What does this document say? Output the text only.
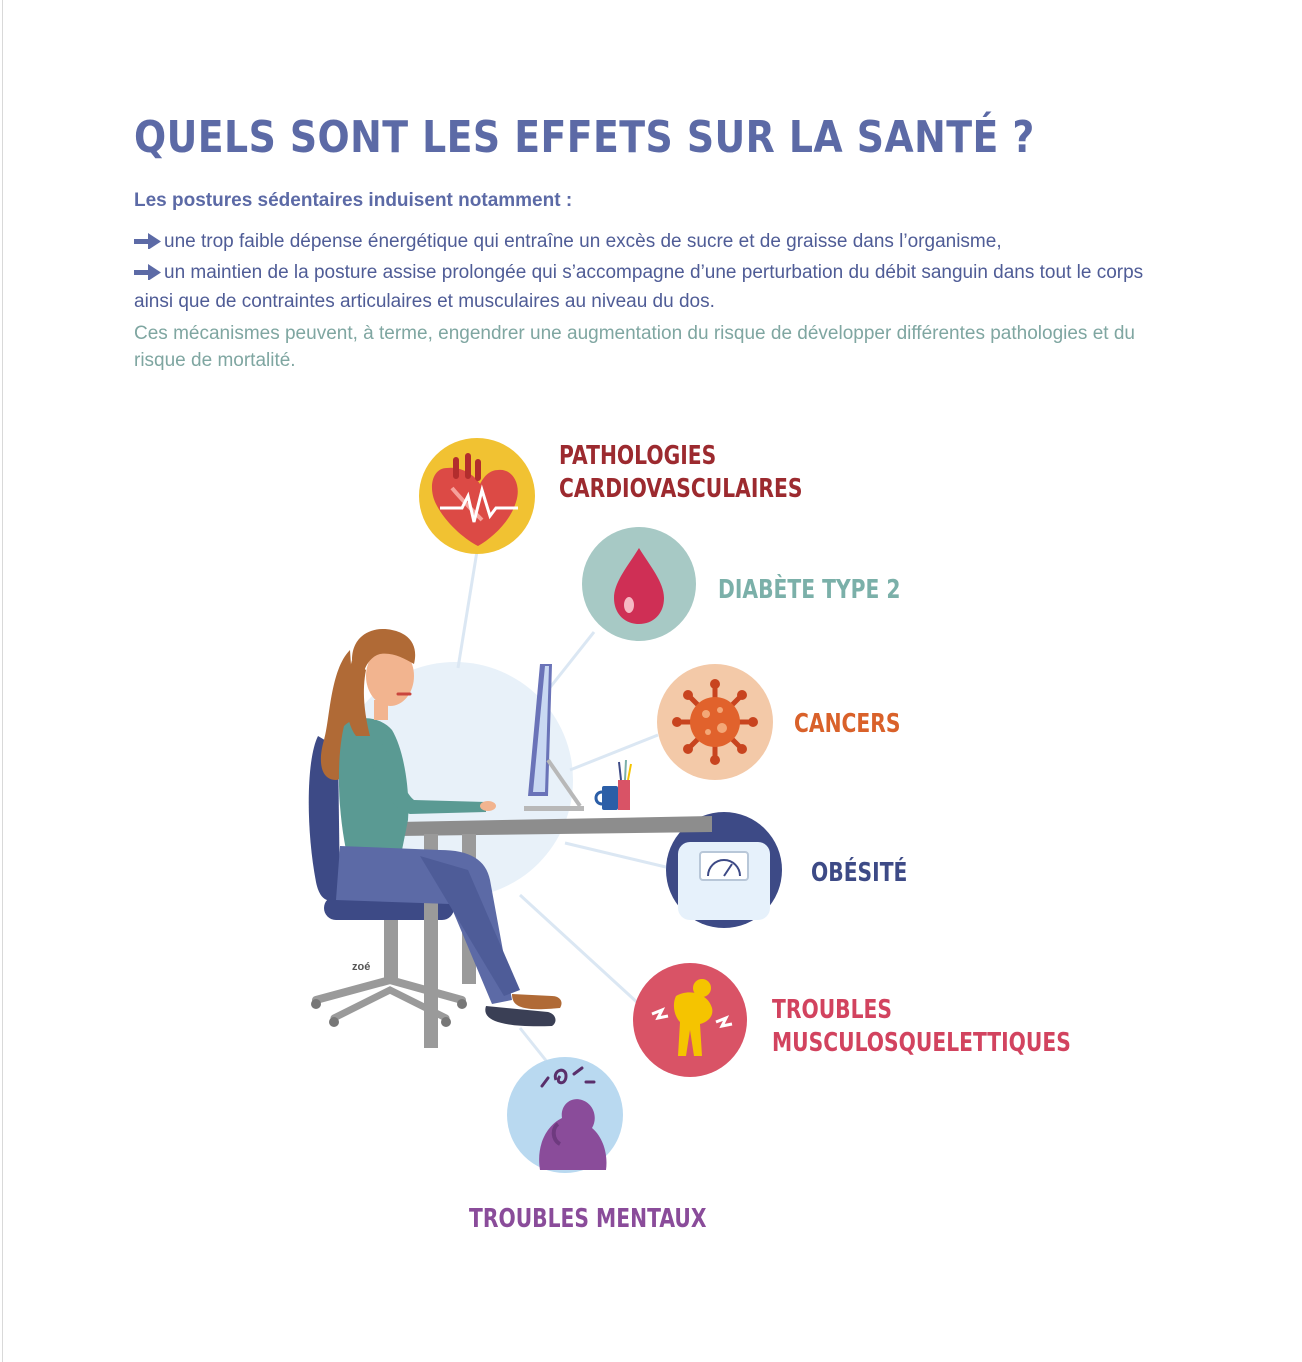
QUELS SONT LES EFFETS SUR LA SANTÉ ?

Les postures sédentaires induisent notamment :

une trop faible dépense énergétique qui entraîne un excès de sucre et de graisse dans l’organisme,

un maintien de la posture assise prolongée qui s’accompagne d’une perturbation du débit sanguin dans tout le corps ainsi que de contraintes articulaires et musculaires au niveau du dos.

Ces mécanismes peuvent, à terme, engendrer une augmentation du risque de développer différentes pathologies et du risque de mortalité.

zoé

PATHOLOGIES
CARDIOVASCULAIRES

DIABÈTE TYPE 2

CANCERS

OBÉSITÉ

TROUBLES
MUSCULOSQUELETTIQUES

TROUBLES MENTAUX
